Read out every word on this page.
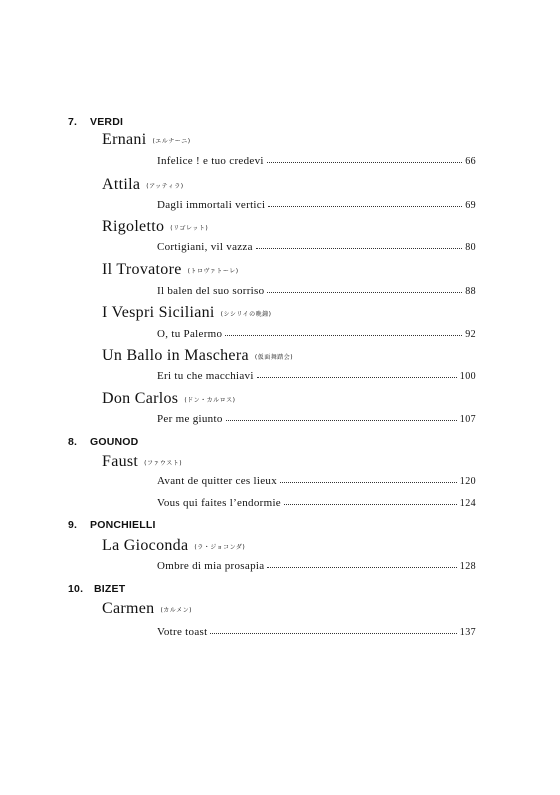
7. VERDI
Ernani (エルナーニ)
Infelice ! e tuo credevi	66
Attila (アッティラ)
Dagli immortali vertici	69
Rigoletto (リゴレット)
Cortigiani, vil vazza	80
Il Trovatore (トロヴァトーレ)
Il balen del suo sorriso	88
I Vespri Siciliani (シシリイの晩鐘)
O, tu Palermo	92
Un Ballo in Maschera (仮面舞踏会)
Eri tu che macchiavi	100
Don Carlos (ドン・カルロス)
Per me giunto	107
8. GOUNOD
Faust (ファウスト)
Avant de quitter ces lieux	120
Vous qui faites l’endormie	124
9. PONCHIELLI
La Gioconda (ラ・ジョコンダ)
Ombre di mia prosapia	128
10. BIZET
Carmen (カルメン)
Votre toast	137
